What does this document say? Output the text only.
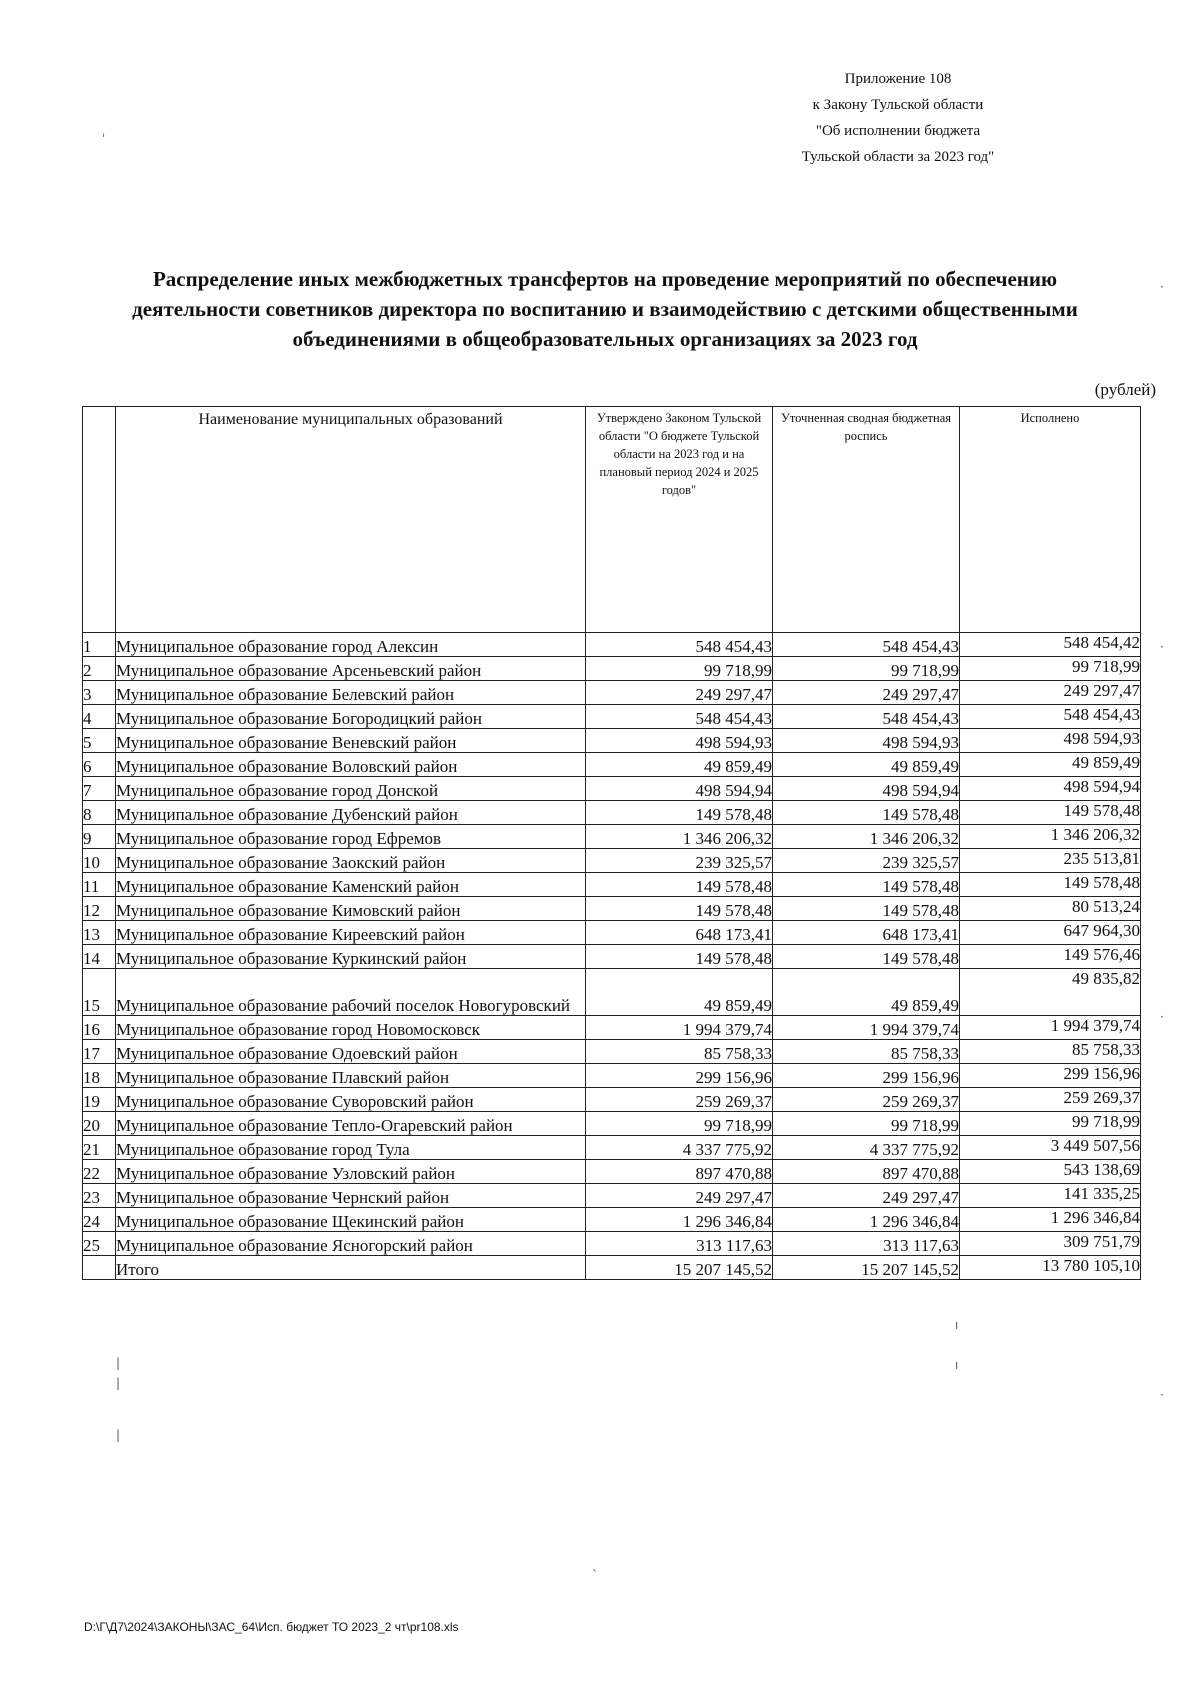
Приложение 108
к Закону Тульской области
"Об исполнении бюджета
Тульской области за 2023 год"
Распределение иных межбюджетных трансфертов на проведение мероприятий по обеспечению
деятельности советников директора по воспитанию и взаимодействию с детскими общественными
объединениями в общеобразовательных организациях за 2023 год
(рублей)
	Наименование муниципальных образований	Утверждено Законом Тульской области "О бюджете Тульской области на 2023 год и на плановый период 2024 и 2025 годов"	Уточненная сводная бюджетная роспись	Исполнено
1	Муниципальное образование город Алексин	548 454,43	548 454,43	548 454,42
2	Муниципальное образование Арсеньевский район	99 718,99	99 718,99	99 718,99
3	Муниципальное образование Белевский район	249 297,47	249 297,47	249 297,47
4	Муниципальное образование Богородицкий район	548 454,43	548 454,43	548 454,43
5	Муниципальное образование Веневский район	498 594,93	498 594,93	498 594,93
6	Муниципальное образование Воловский район	49 859,49	49 859,49	49 859,49
7	Муниципальное образование город Донской	498 594,94	498 594,94	498 594,94
8	Муниципальное образование Дубенский район	149 578,48	149 578,48	149 578,48
9	Муниципальное образование город Ефремов	1 346 206,32	1 346 206,32	1 346 206,32
10	Муниципальное образование Заокский район	239 325,57	239 325,57	235 513,81
11	Муниципальное образование Каменский район	149 578,48	149 578,48	149 578,48
12	Муниципальное образование Кимовский район	149 578,48	149 578,48	80 513,24
13	Муниципальное образование Киреевский район	648 173,41	648 173,41	647 964,30
14	Муниципальное образование Куркинский район	149 578,48	149 578,48	149 576,46
15	Муниципальное образование рабочий поселок Новогуровский	49 859,49	49 859,49	49 835,82
16	Муниципальное образование город Новомосковск	1 994 379,74	1 994 379,74	1 994 379,74
17	Муниципальное образование Одоевский район	85 758,33	85 758,33	85 758,33
18	Муниципальное образование Плавский район	299 156,96	299 156,96	299 156,96
19	Муниципальное образование Суворовский район	259 269,37	259 269,37	259 269,37
20	Муниципальное образование Тепло-Огаревский район	99 718,99	99 718,99	99 718,99
21	Муниципальное образование город Тула	4 337 775,92	4 337 775,92	3 449 507,56
22	Муниципальное образование Узловский район	897 470,88	897 470,88	543 138,69
23	Муниципальное образование Чернский район	249 297,47	249 297,47	141 335,25
24	Муниципальное образование Щекинский район	1 296 346,84	1 296 346,84	1 296 346,84
25	Муниципальное образование Ясногорский район	313 117,63	313 117,63	309 751,79
	Итого	15 207 145,52	15 207 145,52	13 780 105,10
D:\Г\Д7\2024\ЗАКОНЫ\ЗАС_64\Исп. бюджет ТО 2023_2 чт\pr108.xls
ˌ
·
·
·
·
|
|
|
ı
ı
ˋ
